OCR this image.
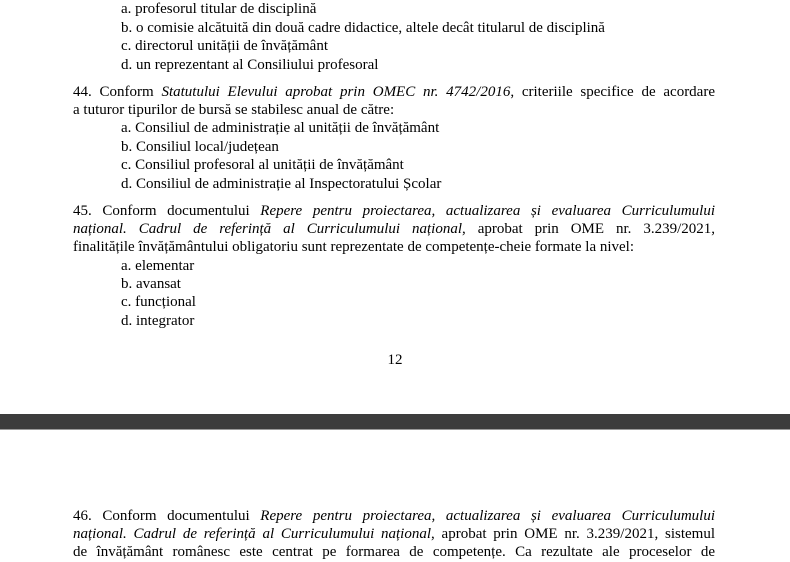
a. profesorul titular de disciplină
b. o comisie alcătuită din două cadre didactice, altele decât titularul de disciplină
c. directorul unității de învățământ
d. un reprezentant al Consiliului profesoral
44. Conform Statutului Elevului aprobat prin OMEC nr. 4742/2016, criteriile specifice de acordare
a tuturor tipurilor de bursă se stabilesc anual de către:
a. Consiliul de administrație al unității de învățământ
b. Consiliul local/județean
c. Consiliul profesoral al unității de învățământ
d. Consiliul de administrație al Inspectoratului Școlar
45. Conform documentului Repere pentru proiectarea, actualizarea și evaluarea Curriculumului
național. Cadrul de referință al Curriculumului național, aprobat prin OME nr. 3.239/2021,
finalitățile învățământului obligatoriu sunt reprezentate de competențe-cheie formate la nivel:
a. elementar
b. avansat
c. funcțional
d. integrator
12
46. Conform documentului Repere pentru proiectarea, actualizarea și evaluarea Curriculumului
național. Cadrul de referință al Curriculumului național, aprobat prin OME nr. 3.239/2021, sistemul
de învățământ românesc este centrat pe formarea de competențe. Ca rezultate ale proceselor de
